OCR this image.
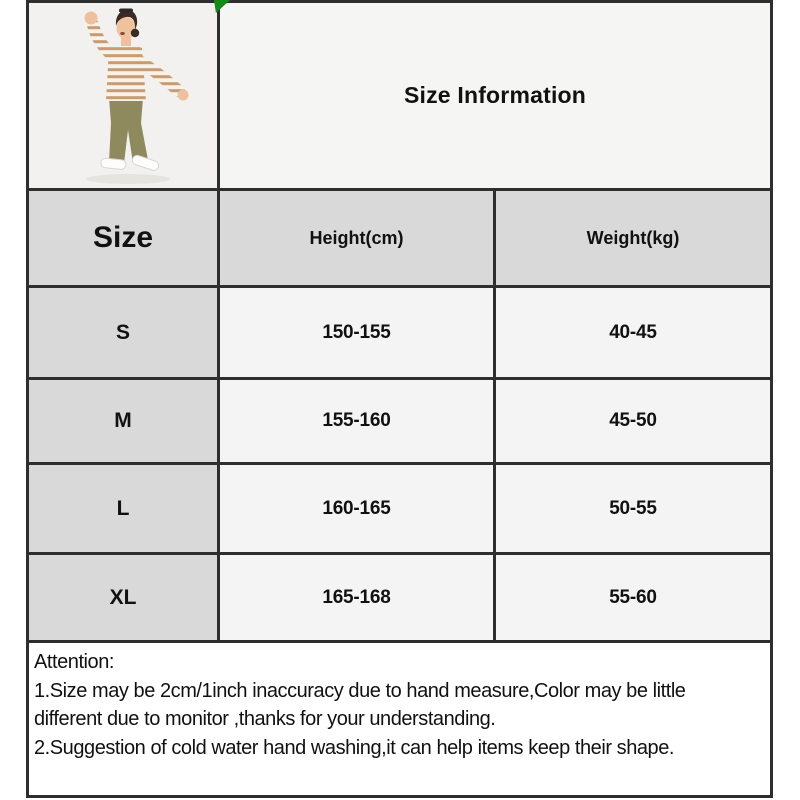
Size Information
Size	Height(cm)	Weight(kg)
S	150-155	40-45
M	155-160	45-50
L	160-165	50-55
XL	165-168	55-60
Attention:
1.Size may be 2cm/1inch inaccuracy due to hand measure,Color may be little
different due to monitor ,thanks for your understanding.
2.Suggestion of cold water hand washing,it can help items keep their shape.
